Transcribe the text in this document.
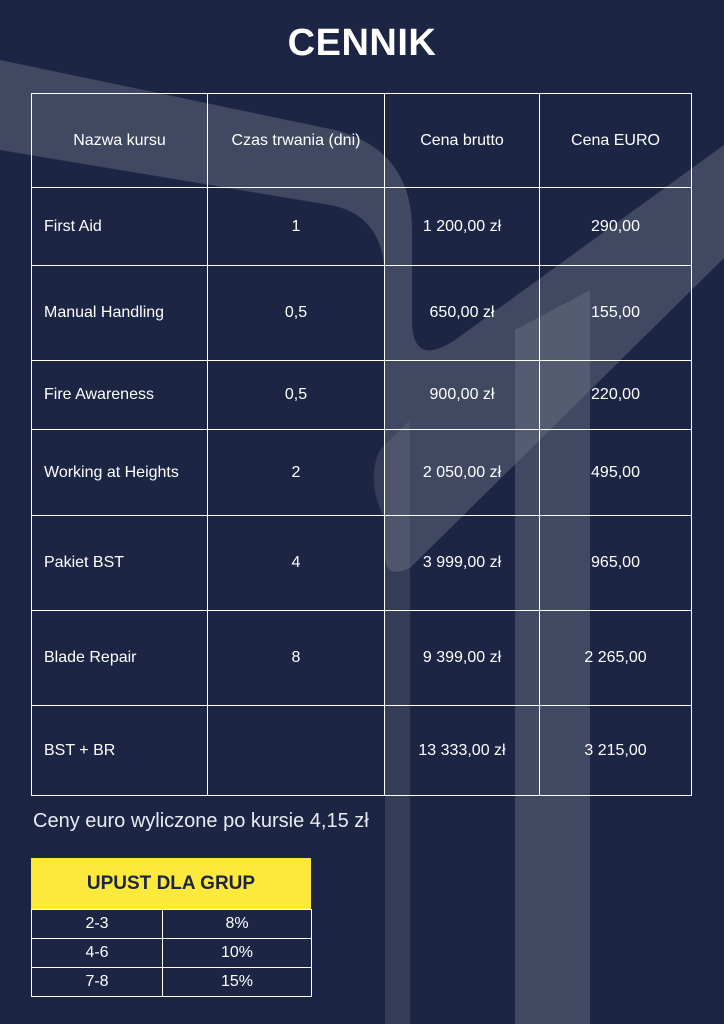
CENNIK
Nazwa kursu	Czas trwania (dni)	Cena brutto	Cena EURO
First Aid	1	1 200,00 zł	290,00
Manual Handling	0,5	650,00 zł	155,00
Fire Awareness	0,5	900,00 zł	220,00
Working at Heights	2	2 050,00 zł	495,00
Pakiet BST	4	3 999,00 zł	965,00
Blade Repair	8	9 399,00 zł	2 265,00
BST + BR		13 333,00 zł	3 215,00
Ceny euro wyliczone po kursie 4,15 zł
UPUST DLA GRUP
2-3	8%
4-6	10%
7-8	15%
